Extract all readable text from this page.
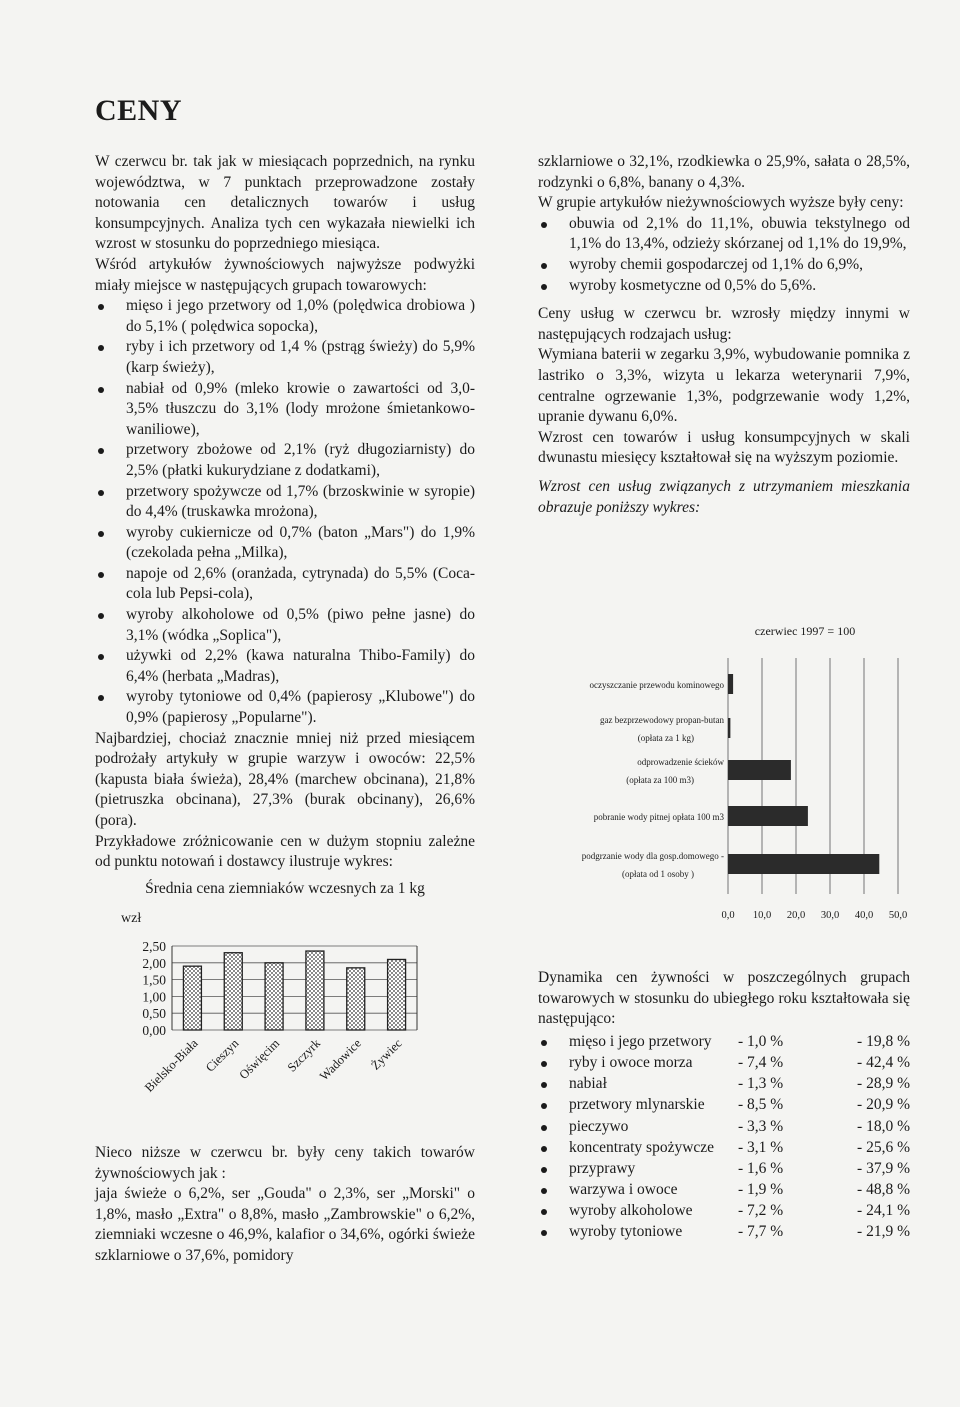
CENY

W czerwcu br. tak jak w miesiącach poprzednich, na rynku województwa, w 7 punktach przeprowadzone zostały notowania cen detalicznych towarów i usług konsumpcyjnych. Analiza tych cen wykazała niewielki ich wzrost w stosunku do poprzedniego miesiąca.

Wśród artykułów żywnościowych najwyższe podwyżki miały miejsce w następujących grupach towarowych:

mięso i jego przetwory od 1,0% (polędwica drobiowa ) do 5,1% ( polędwica sopocka),
ryby i ich przetwory od 1,4 % (pstrąg świeży) do 5,9% (karp świeży),
nabiał od 0,9% (mleko krowie o zawartości od 3,0-3,5% tłuszczu do 3,1% (lody mrożone śmietankowo-waniliowe),
przetwory zbożowe od 2,1% (ryż długoziarnisty) do 2,5% (płatki kukurydziane z dodatkami),
przetwory spożywcze od 1,7% (brzoskwinie w syropie) do 4,4% (truskawka mrożona),
wyroby cukiernicze od 0,7% (baton „Mars") do 1,9% (czekolada pełna „Milka),
napoje od 2,6% (oranżada, cytrynada) do 5,5% (Coca-cola lub Pepsi-cola),
wyroby alkoholowe od 0,5% (piwo pełne jasne) do 3,1% (wódka „Soplica"),
używki od 2,2% (kawa naturalna Thibo-Family) do 6,4% (herbata „Madras),
wyroby tytoniowe od 0,4% (papierosy „Klubowe") do 0,9% (papierosy „Popularne").

Najbardziej, chociaż znacznie mniej niż przed miesiącem podrożały artykuły w grupie warzyw i owoców: 22,5% (kapusta biała świeża), 28,4% (marchew obcinana), 21,8% (pietruszka obcinana), 27,3% (burak obcinany), 26,6% (pora).

Przykładowe zróżnicowanie cen w dużym stopniu zależne od punktu notowań i dostawcy ilustruje wykres:

Średnia cena ziemniaków wczesnych za 1 kg
wzł
0,00
0,50
1,00
1,50
2,00
2,50
Bielsko-Biała Cieszyn
Oświęcim Szczyrk
Wadowice Żywiec

Nieco niższe w czerwcu br. były ceny takich towarów żywnościowych jak :

jaja świeże o 6,2%, ser „Gouda" o 2,3%, ser „Morski" o 1,8%, masło „Extra" o 8,8%, masło „Zambrowskie" o 6,2%, ziemniaki wczesne o 46,9%, kalafior o 34,6%, ogórki świeże szklarniowe o 37,6%, pomidory

szklarniowe o 32,1%, rzodkiewka o 25,9%, sałata o 28,5%, rodzynki o 6,8%, banany o 4,3%.

W grupie artykułów nieżywnościowych wyższe były ceny:

obuwia od 2,1% do 11,1%, obuwia tekstylnego od 1,1% do 13,4%, odzieży skórzanej od 1,1% do 19,9%,
wyroby chemii gospodarczej od 1,1% do 6,9%,
wyroby kosmetyczne od 0,5% do 5,6%.

Ceny usług w czerwcu br. wzrosły między innymi w następujących rodzajach usług:

Wymiana baterii w zegarku 3,9%, wybudowanie pomnika z lastriko o 3,3%, wizyta u lekarza weterynarii 7,9%, centralne ogrzewanie 1,3%, podgrzewanie wody 1,2%, upranie dywanu 6,0%.

Wzrost cen towarów i usług konsumpcyjnych w skali dwunastu miesięcy kształtował się na wyższym poziomie.

Wzrost cen usług związanych z utrzymaniem mieszkania obrazuje poniższy wykres:

czerwiec 1997 = 100
0,0 10,0 20,0 30,0 40,0 50,0
oczyszczanie przewodu kominowego
gaz bezprzewodowy propan-butan
(opłata za 1 kg)
odprowadzenie ścieków
(opłata za 100 m3)
pobranie wody pitnej opłata 100 m3
podgrzanie wody dla gosp.domowego -
(opłata od 1 osoby )

Dynamika cen żywności w poszczególnych grupach towarowych w stosunku do ubiegłego roku kształtowała się następująco:

mięso i jego przetwory - 1,0 %	- 19,8 %
ryby i owoce morza	- 7,4 %	- 42,4 %
nabiał	- 1,3 %	- 28,9 %
przetwory mlynarskie - 8,5 %	- 20,9 %
pieczywo	- 3,3 %	- 18,0 %
koncentraty spożywcze - 3,1 %	- 25,6 %
przyprawy	- 1,6 %	- 37,9 %
warzywa i owoce	- 1,9 %	- 48,8 %
wyroby alkoholowe	- 7,2 %	- 24,1 %
wyroby tytoniowe	- 7,7 %	- 21,9 %
